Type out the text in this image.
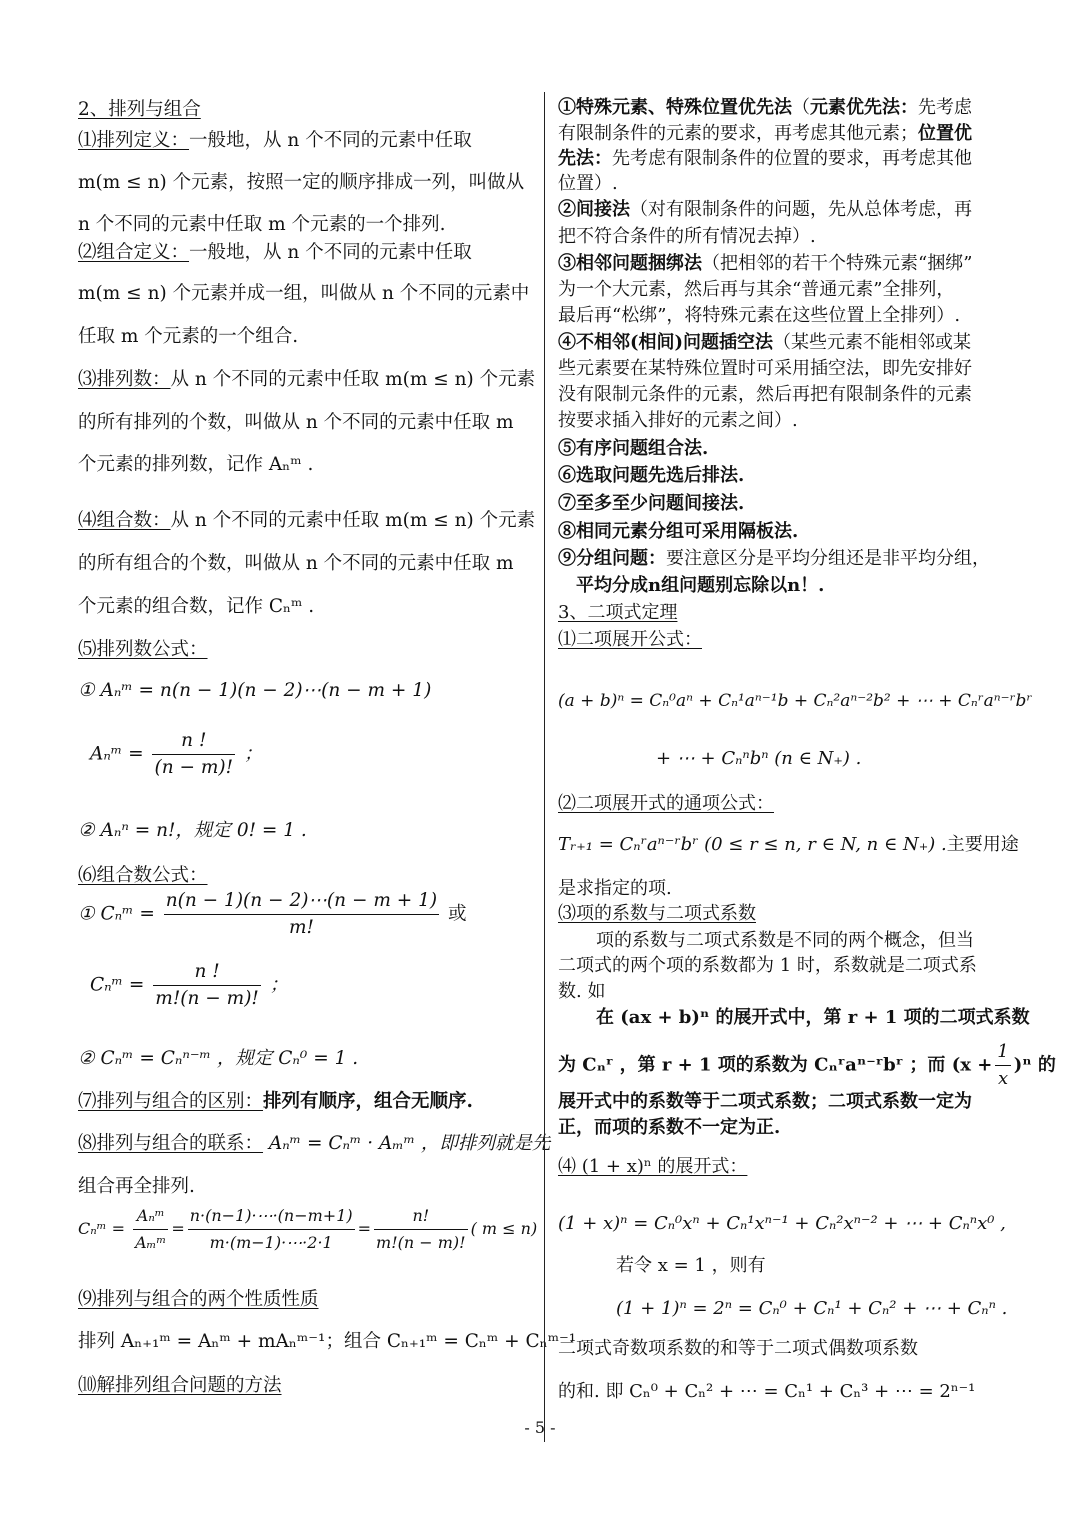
2、排列与组合
⑴排列定义：一般地，从 n 个不同的元素中任取
m(m ≤ n) 个元素，按照一定的顺序排成一列，叫做从
n 个不同的元素中任取 m 个元素的一个排列.
⑵组合定义：一般地，从 n 个不同的元素中任取
m(m ≤ n) 个元素并成一组，叫做从 n 个不同的元素中
任取 m 个元素的一个组合.
⑶排列数：从 n 个不同的元素中任取 m(m ≤ n) 个元素
的所有排列的个数，叫做从 n 个不同的元素中任取 m
个元素的排列数，记作 Aₙᵐ .
⑷组合数：从 n 个不同的元素中任取 m(m ≤ n) 个元素
的所有组合的个数，叫做从 n 个不同的元素中任取 m
个元素的组合数，记作 Cₙᵐ .
⑸排列数公式：
① Aₙᵐ = n(n − 1)(n − 2)⋯(n − m + 1)
Aₙᵐ = $\frac{n !}{(n - m)!}$ ；
② Aₙⁿ = n!，规定 0! = 1 .
⑹组合数公式：
① Cₙᵐ = $\frac{n(n - 1)(n - 2)\cdots(n - m + 1)}{m!}$ 或
Cₙᵐ = $\frac{n !}{m!(n - m)!}$ ；
② Cₙᵐ = Cₙⁿ⁻ᵐ ，规定 Cₙ⁰ = 1 .
⑺排列与组合的区别：排列有顺序，组合无顺序.
⑻排列与组合的联系： Aₙᵐ = Cₙᵐ · Aₘᵐ ，即排列就是先
组合再全排列.
Cₙᵐ = $\frac{\text{Aₙᵐ}}{\text{Aₘᵐ}} = \frac{n\cdot(n-1)\cdot\cdots\cdot(n-m+1)}{m\cdot(m-1)\cdot\cdots\cdot 2\cdot 1} = \frac{n!}{m!(n - m)!}$ ( m ≤ n)
⑼排列与组合的两个性质性质
排列 Aₙ₊₁ᵐ = Aₙᵐ + mAₙᵐ⁻¹；组合 Cₙ₊₁ᵐ = Cₙᵐ + Cₙᵐ⁻¹ .
⑽解排列组合问题的方法
①特殊元素、特殊位置优先法（元素优先法：先考虑
有限制条件的元素的要求，再考虑其他元素；位置优
先法：先考虑有限制条件的位置的要求，再考虑其他
位置）.
②间接法（对有限制条件的问题，先从总体考虑，再
把不符合条件的所有情况去掉）.
③相邻问题捆绑法（把相邻的若干个特殊元素“捆绑”
为一个大元素，然后再与其余“普通元素”全排列，
最后再“松绑”，将特殊元素在这些位置上全排列）.
④不相邻(相间)问题插空法（某些元素不能相邻或某
些元素要在某特殊位置时可采用插空法，即先安排好
没有限制元条件的元素，然后再把有限制条件的元素
按要求插入排好的元素之间）.
⑤有序问题组合法.
⑥选取问题先选后排法.
⑦至多至少问题间接法.
⑧相同元素分组可采用隔板法.
⑨分组问题：要注意区分是平均分组还是非平均分组，
平均分成n组问题别忘除以n！.
3、二项式定理
⑴二项展开公式：
(a + b)ⁿ = Cₙ⁰aⁿ + Cₙ¹aⁿ⁻¹b + Cₙ²aⁿ⁻²b² + ⋯ + Cₙʳaⁿ⁻ʳbʳ
+ ⋯ + Cₙⁿbⁿ (n ∈ N₊) .
⑵二项展开式的通项公式：
Tᵣ₊₁ = Cₙʳaⁿ⁻ʳbʳ (0 ≤ r ≤ n, r ∈ N, n ∈ N₊) .主要用途
是求指定的项.
⑶项的系数与二项式系数
项的系数与二项式系数是不同的两个概念，但当
二项式的两个项的系数都为 1 时，系数就是二项式系
数. 如
在 (ax + b)ⁿ 的展开式中，第 r + 1 项的二项式系数
为 Cₙʳ ，第 r + 1 项的系数为 Cₙʳaⁿ⁻ʳbʳ ；而 $(x + \frac{1}{x} )^n$ 的
展开式中的系数等于二项式系数；二项式系数一定为
正，而项的系数不一定为正.
⑷ (1 + x)ⁿ 的展开式：
(1 + x)ⁿ = Cₙ⁰xⁿ + Cₙ¹xⁿ⁻¹ + Cₙ²xⁿ⁻² + ⋯ + Cₙⁿx⁰ ,
若令 x = 1 ，则有
(1 + 1)ⁿ = 2ⁿ = Cₙ⁰ + Cₙ¹ + Cₙ² + ⋯ + Cₙⁿ .
二项式奇数项系数的和等于二项式偶数项系数
的和. 即 Cₙ⁰ + Cₙ² + ⋯ = Cₙ¹ + Cₙ³ + ⋯ = 2ⁿ⁻¹
- 5 -
